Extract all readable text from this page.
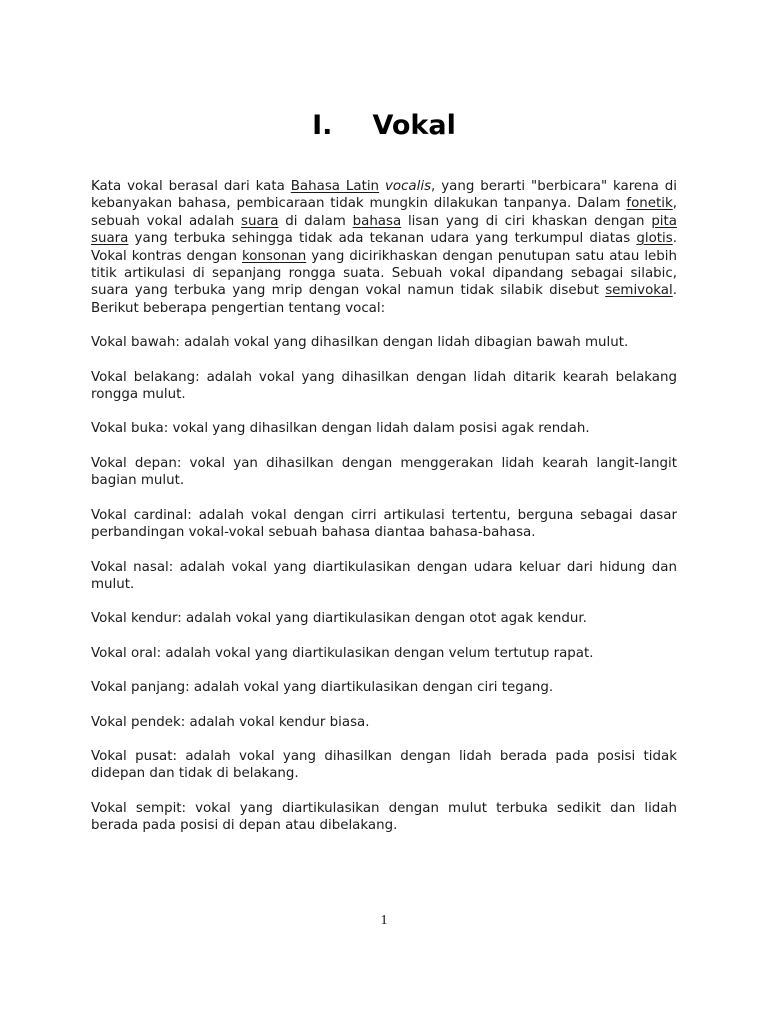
I. Vokal

Kata vokal berasal dari kata Bahasa Latin vocalis, yang berarti "berbicara" karena di kebanyakan bahasa, pembicaraan tidak mungkin dilakukan tanpanya. Dalam fonetik, sebuah vokal adalah suara di dalam bahasa lisan yang di ciri khaskan dengan pita suara yang terbuka sehingga tidak ada tekanan udara yang terkumpul diatas glotis. Vokal kontras dengan konsonan yang dicirikhaskan dengan penutupan satu atau lebih titik artikulasi di sepanjang rongga suata. Sebuah vokal dipandang sebagai silabic, suara yang terbuka yang mrip dengan vokal namun tidak silabik disebut semivokal. Berikut beberapa pengertian tentang vocal:

Vokal bawah: adalah vokal yang dihasilkan dengan lidah dibagian bawah mulut.

Vokal belakang: adalah vokal yang dihasilkan dengan lidah ditarik kearah belakang rongga mulut.

Vokal buka: vokal yang dihasilkan dengan lidah dalam posisi agak rendah.

Vokal depan: vokal yan dihasilkan dengan menggerakan lidah kearah langit-langit bagian mulut.

Vokal cardinal: adalah vokal dengan cirri artikulasi tertentu, berguna sebagai dasar perbandingan vokal-vokal sebuah bahasa diantaa bahasa-bahasa.

Vokal nasal: adalah vokal yang diartikulasikan dengan udara keluar dari hidung dan mulut.

Vokal kendur: adalah vokal yang diartikulasikan dengan otot agak kendur.

Vokal oral: adalah vokal yang diartikulasikan dengan velum tertutup rapat.

Vokal panjang: adalah vokal yang diartikulasikan dengan ciri tegang.

Vokal pendek: adalah vokal kendur biasa.

Vokal pusat: adalah vokal yang dihasilkan dengan lidah berada pada posisi tidak didepan dan tidak di belakang.

Vokal sempit: vokal yang diartikulasikan dengan mulut terbuka sedikit dan lidah berada pada posisi di depan atau dibelakang.

1
